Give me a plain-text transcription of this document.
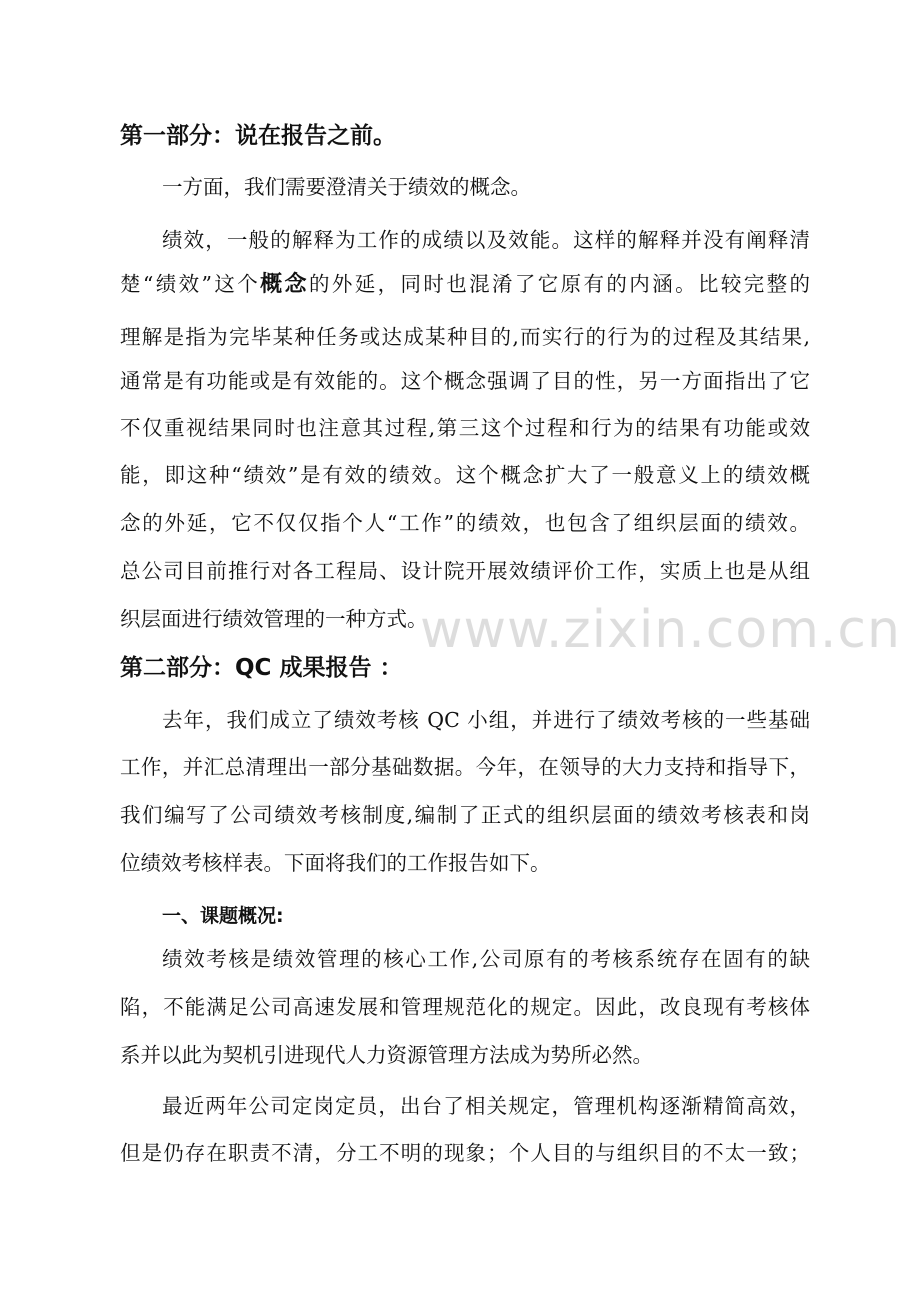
第一部分：说在报告之前。
一方面，我们需要澄清关于绩效的概念。
绩效，一般的解释为工作的成绩以及效能。这样的解释并没有阐释清
楚“绩效”这个概念的外延，同时也混淆了它原有的内涵。比较完整的
理解是指为完毕某种任务或达成某种目的,而实行的行为的过程及其结果,
通常是有功能或是有效能的。这个概念强调了目的性，另一方面指出了它
不仅重视结果同时也注意其过程,第三这个过程和行为的结果有功能或效
能，即这种“绩效”是有效的绩效。这个概念扩大了一般意义上的绩效概
念的外延，它不仅仅指个人“工作”的绩效，也包含了组织层面的绩效。
总公司目前推行对各工程局、设计院开展效绩评价工作，实质上也是从组
织层面进行绩效管理的一种方式。
www.zixin.com.cn
第二部分：QC 成果报告 ：
去年，我们成立了绩效考核 QC 小组，并进行了绩效考核的一些基础
工作，并汇总清理出一部分基础数据。今年，在领导的大力支持和指导下，
我们编写了公司绩效考核制度,编制了正式的组织层面的绩效考核表和岗
位绩效考核样表。下面将我们的工作报告如下。
一、课题概况:
绩效考核是绩效管理的核心工作,公司原有的考核系统存在固有的缺
陷，不能满足公司高速发展和管理规范化的规定。因此，改良现有考核体
系并以此为契机引进现代人力资源管理方法成为势所必然。
最近两年公司定岗定员，出台了相关规定，管理机构逐渐精简高效，
但是仍存在职责不清，分工不明的现象；个人目的与组织目的不太一致；
